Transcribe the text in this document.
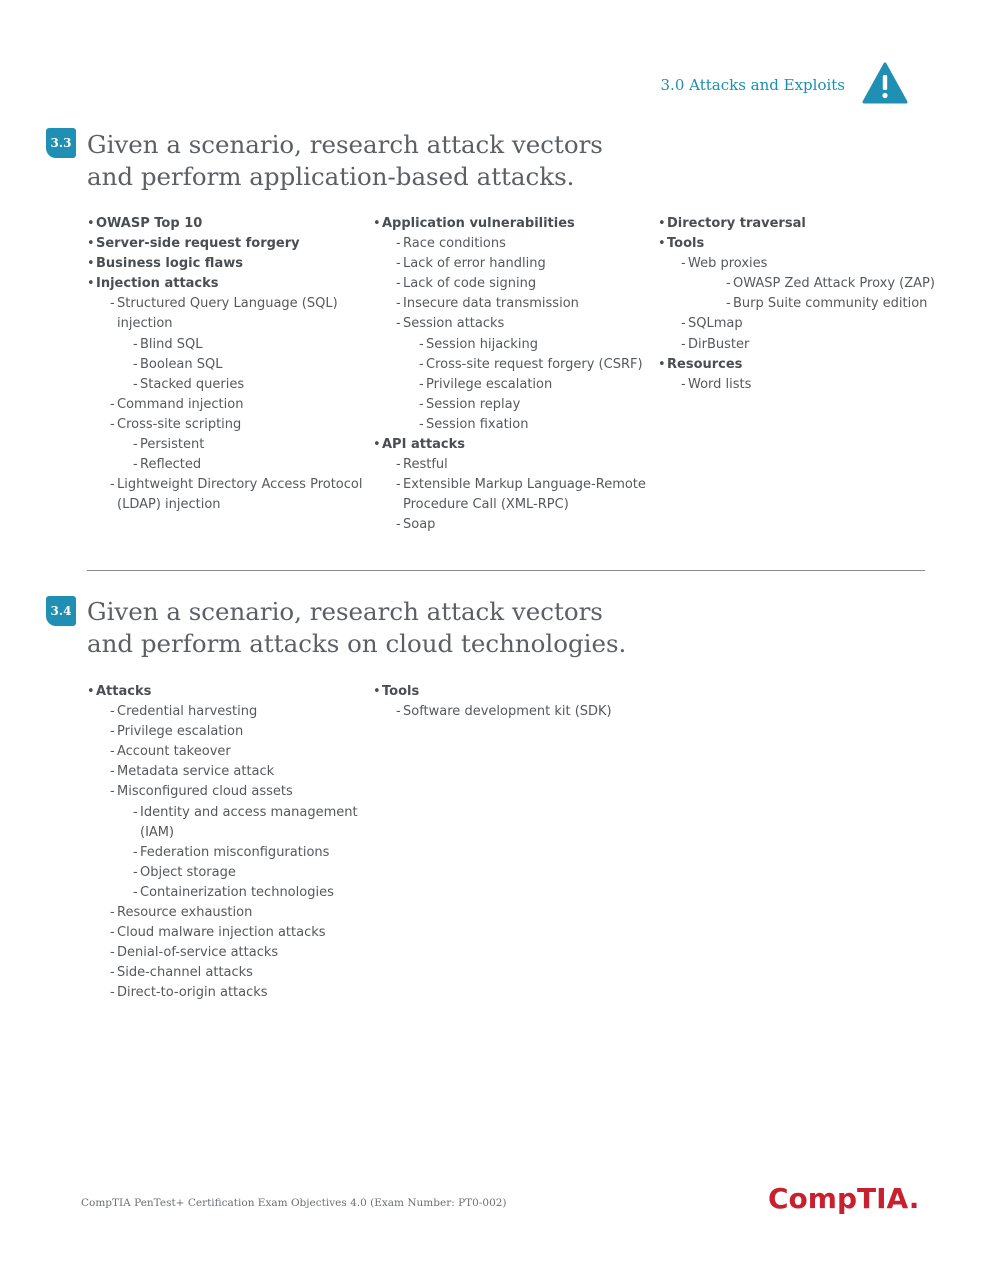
3.0 Attacks and Exploits
3.3 Given a scenario, research attack vectors and perform application-based attacks.
• OWASP Top 10
• Server-side request forgery
• Business logic flaws
• Injection attacks
- Structured Query Language (SQL) injection
- Blind SQL
- Boolean SQL
- Stacked queries
- Command injection
- Cross-site scripting
- Persistent
- Reflected
- Lightweight Directory Access Protocol (LDAP) injection
• Application vulnerabilities
- Race conditions
- Lack of error handling
- Lack of code signing
- Insecure data transmission
- Session attacks
- Session hijacking
- Cross-site request forgery (CSRF)
- Privilege escalation
- Session replay
- Session fixation
• API attacks
- Restful
- Extensible Markup Language-Remote Procedure Call (XML-RPC)
- Soap
• Directory traversal
• Tools
- Web proxies
- OWASP Zed Attack Proxy (ZAP)
- Burp Suite community edition
- SQLmap
- DirBuster
• Resources
- Word lists
3.4 Given a scenario, research attack vectors and perform attacks on cloud technologies.
• Attacks
- Credential harvesting
- Privilege escalation
- Account takeover
- Metadata service attack
- Misconfigured cloud assets
- Identity and access management (IAM)
- Federation misconfigurations
- Object storage
- Containerization technologies
- Resource exhaustion
- Cloud malware injection attacks
- Denial-of-service attacks
- Side-channel attacks
- Direct-to-origin attacks
• Tools
- Software development kit (SDK)
CompTIA PenTest+ Certification Exam Objectives 4.0 (Exam Number: PT0-002)	CompTIA.
